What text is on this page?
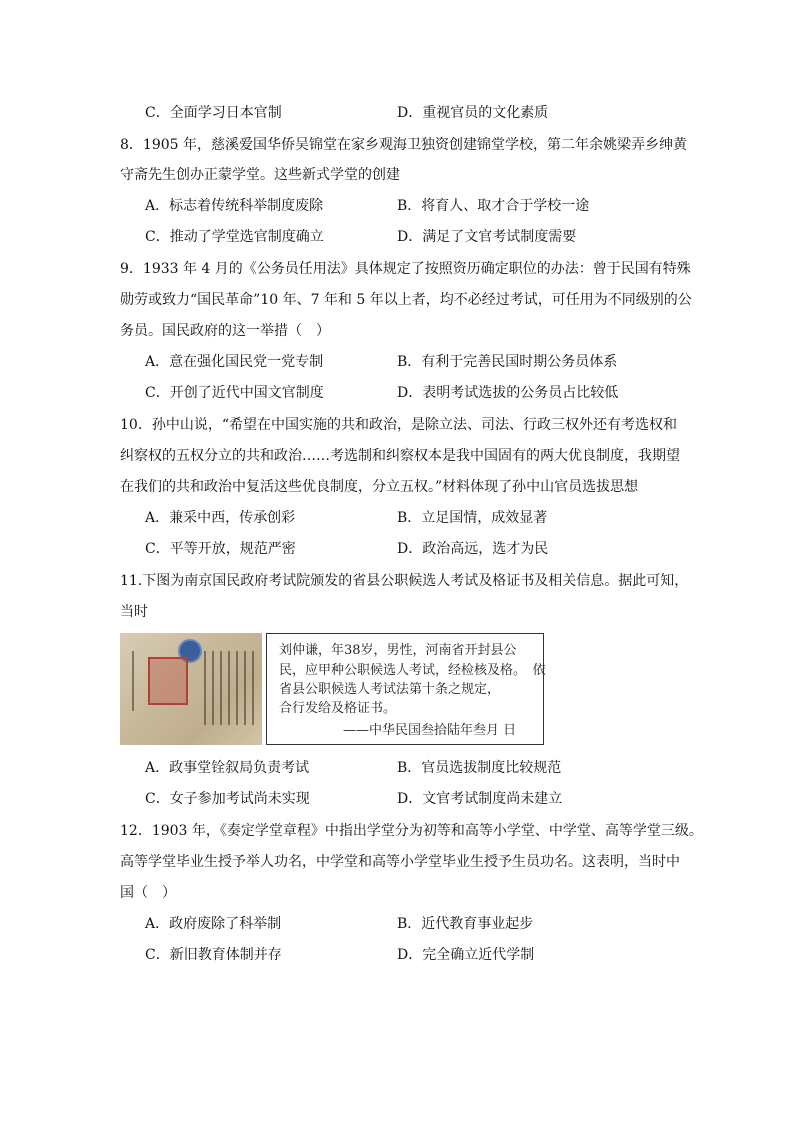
C．全面学习日本官制	D．重视官员的文化素质
8．1905 年，慈溪爱国华侨吴锦堂在家乡观海卫独资创建锦堂学校，第二年余姚梁弄乡绅黄
守斋先生创办正蒙学堂。这些新式学堂的创建
A．标志着传统科举制度废除	B．将育人、取才合于学校一途
C．推动了学堂选官制度确立	D．满足了文官考试制度需要
9．1933 年 4 月的《公务员任用法》具体规定了按照资历确定职位的办法：曾于民国有特殊
勋劳或致力“国民革命”10 年、7 年和 5 年以上者，均不必经过考试，可任用为不同级别的公
务员。国民政府的这一举措（　）
A．意在强化国民党一党专制	B．有利于完善民国时期公务员体系
C．开创了近代中国文官制度	D．表明考试选拔的公务员占比较低
10．孙中山说，“希望在中国实施的共和政治，是除立法、司法、行政三权外还有考选权和
纠察权的五权分立的共和政治……考选制和纠察权本是我中国固有的两大优良制度，我期望
在我们的共和政治中复活这些优良制度，分立五权。”材料体现了孙中山官员选拔思想
A．兼采中西，传承创彩	B．立足国情，成效显著
C．平等开放，规范严密	D．政治高远，选才为民
11.下图为南京国民政府考试院颁发的省县公职候选人考试及格证书及相关信息。据此可知，
当时
刘仲谦，年38岁，男性，河南省开封县公
民，应甲种公职候选人考试，经检核及格。　依
省县公职候选人考试法第十条之规定，
合行发给及格证书。
——中华民国叁拾陆年叁月 日
A．政事堂铨叙局负责考试	B．官员选拔制度比较规范
C．女子参加考试尚未实现	D．文官考试制度尚未建立
12．1903 年，《奏定学堂章程》中指出学堂分为初等和高等小学堂、中学堂、高等学堂三级。
高等学堂毕业生授予举人功名，中学堂和高等小学堂毕业生授予生员功名。这表明，当时中
国（　）
A．政府废除了科举制	B．近代教育事业起步
C．新旧教育体制并存	D．完全确立近代学制
